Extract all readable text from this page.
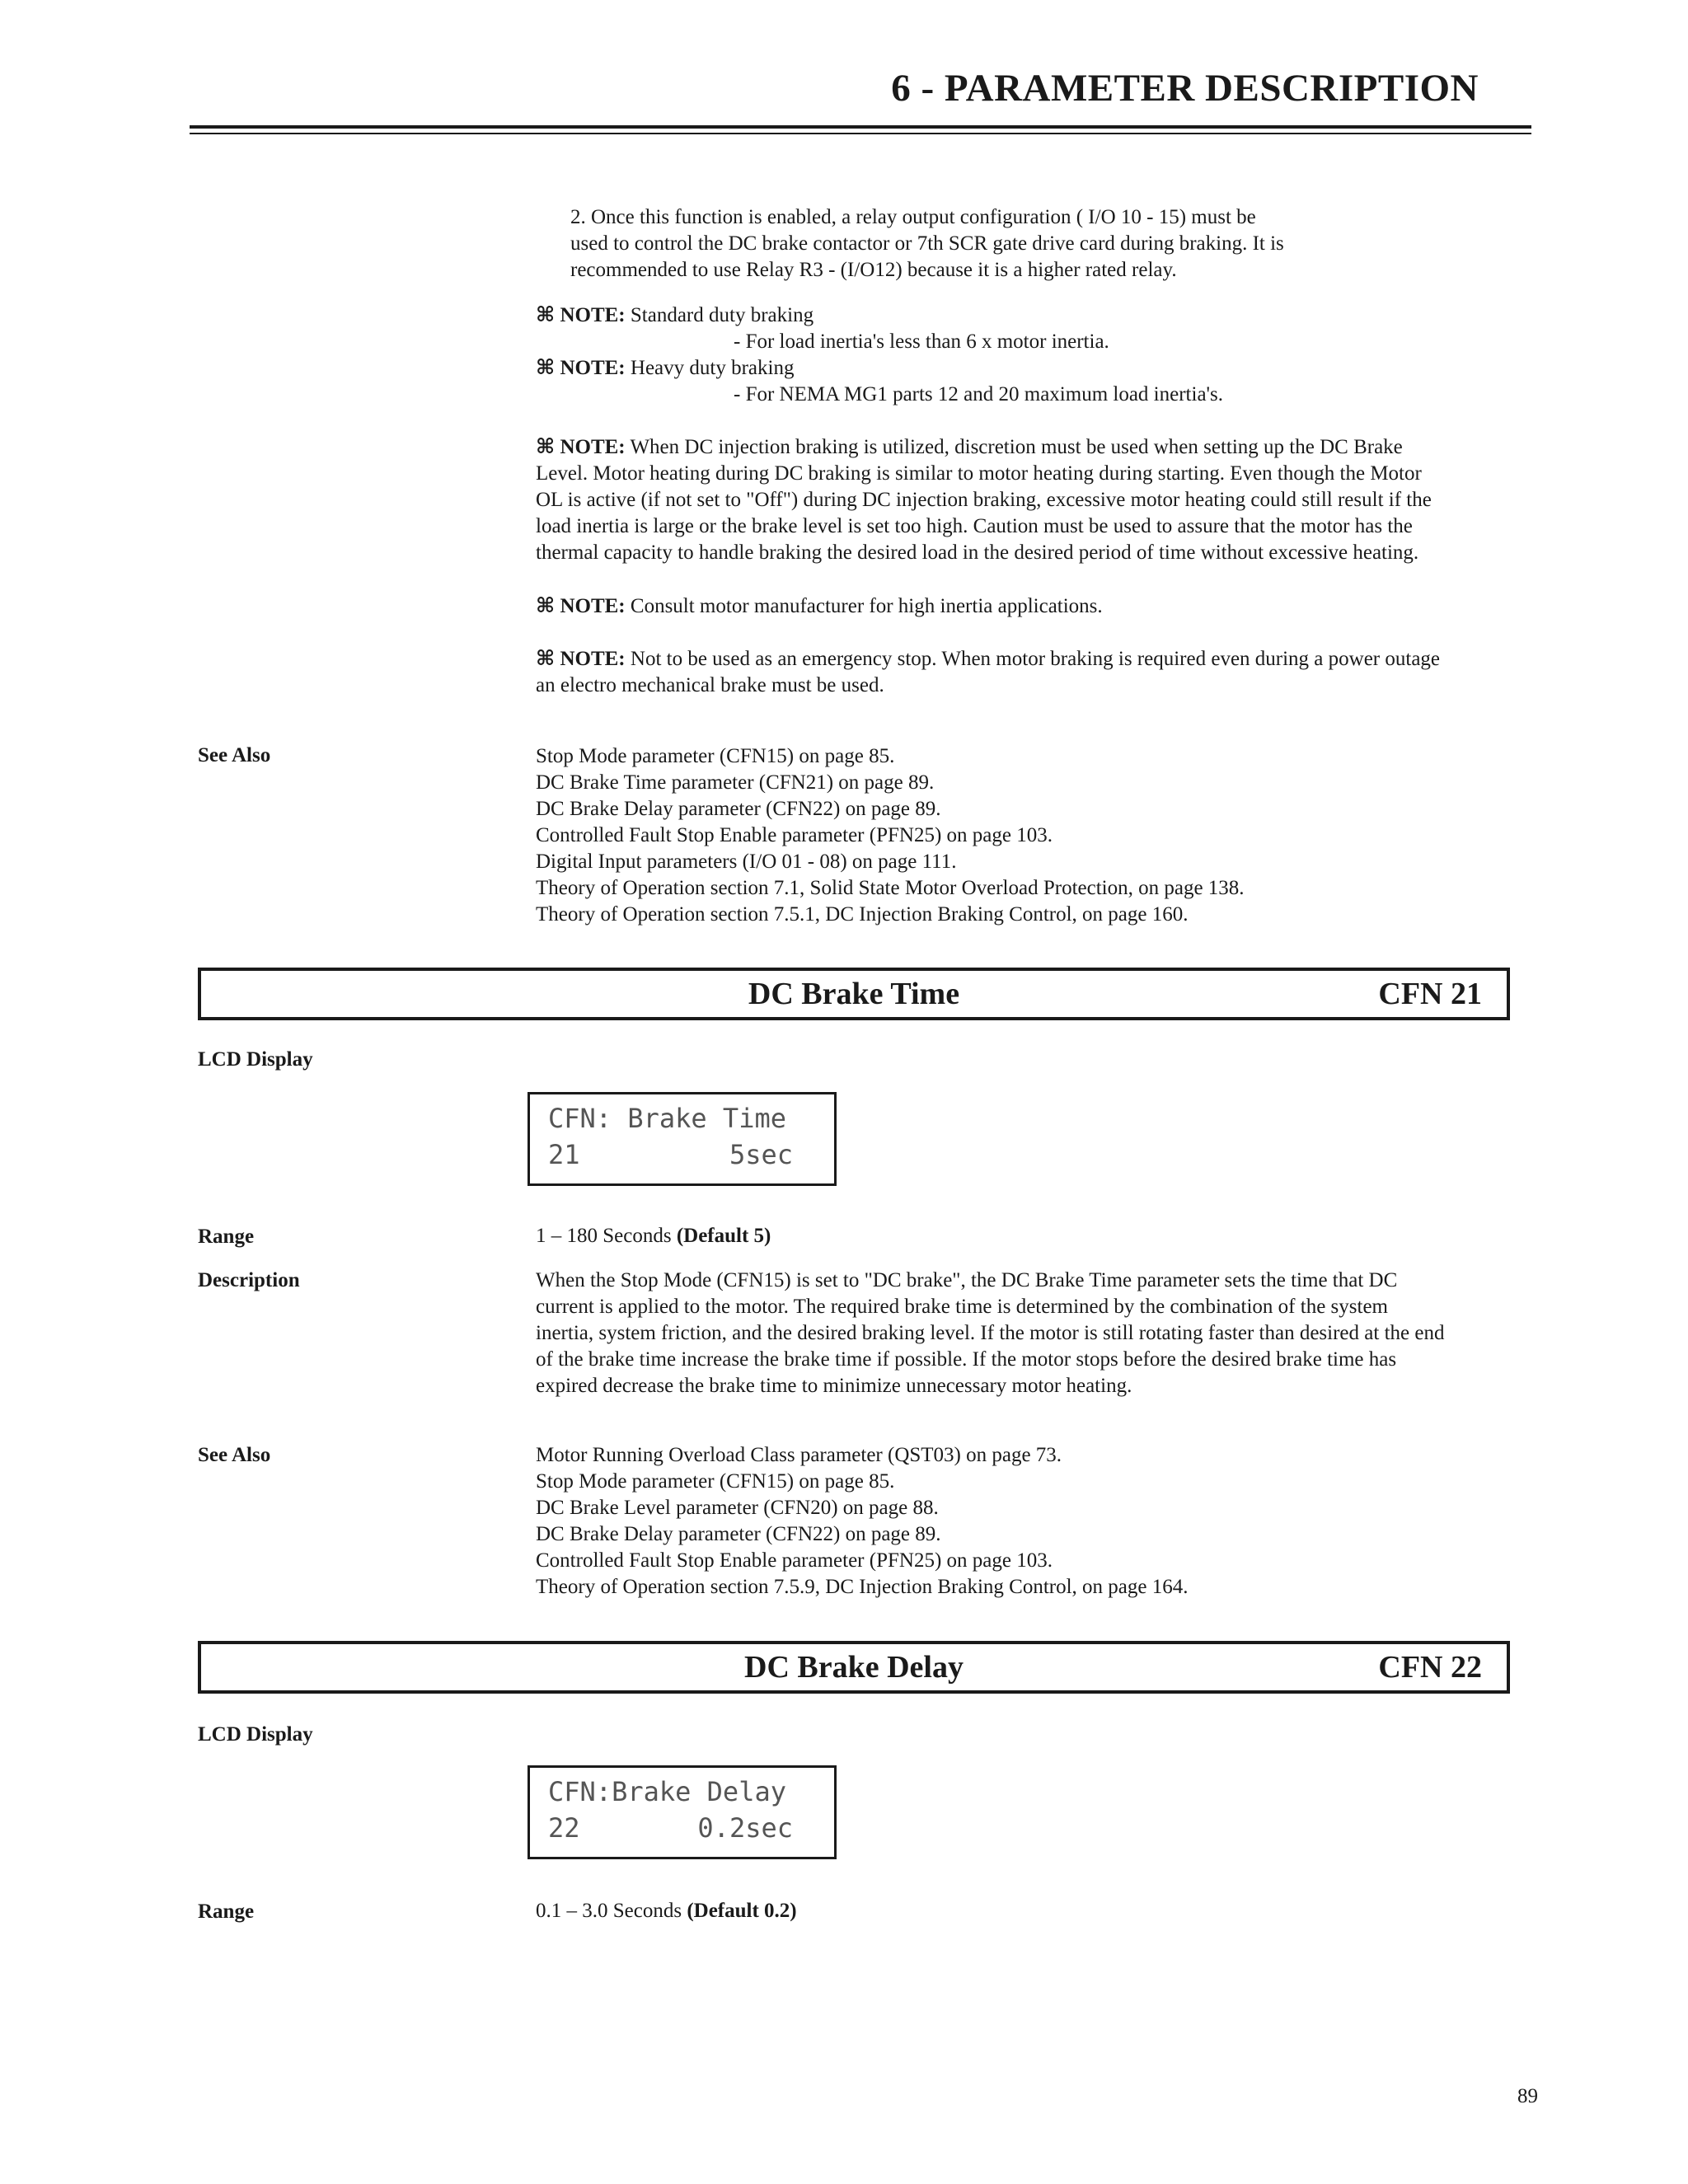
6 - PARAMETER DESCRIPTION
2. Once this function is enabled, a relay output configuration ( I/O 10 - 15) must be
used to control the DC brake contactor or 7th SCR gate drive card during braking. It is
recommended to use Relay R3 - (I/O12) because it is a higher rated relay.
⌘ NOTE: Standard duty braking
- For load inertia's less than 6 x motor inertia.
⌘ NOTE: Heavy duty braking
- For NEMA MG1 parts 12 and 20 maximum load inertia's.
⌘ NOTE: When DC injection braking is utilized, discretion must be used when setting up the DC Brake
Level. Motor heating during DC braking is similar to motor heating during starting. Even though the Motor
OL is active (if not set to "Off") during DC injection braking, excessive motor heating could still result if the
load inertia is large or the brake level is set too high. Caution must be used to assure that the motor has the
thermal capacity to handle braking the desired load in the desired period of time without excessive heating.
⌘ NOTE: Consult motor manufacturer for high inertia applications.
⌘ NOTE: Not to be used as an emergency stop. When motor braking is required even during a power outage
an electro mechanical brake must be used.

See Also	Stop Mode parameter (CFN15) on page 85.
DC Brake Time parameter (CFN21) on page 89.
DC Brake Delay parameter (CFN22) on page 89.
Controlled Fault Stop Enable parameter (PFN25) on page 103.
Digital Input parameters (I/O 01 - 08) on page 111.
Theory of Operation section 7.1, Solid State Motor Overload Protection, on page 138.
Theory of Operation section 7.5.1, DC Injection Braking Control, on page 160.
DC Brake Time	CFN 21

LCD Display

CFN: Brake Time
21	5sec

Range	1 – 180 Seconds (Default 5)

Description	When the Stop Mode (CFN15) is set to "DC brake", the DC Brake Time parameter sets the time that DC
current is applied to the motor. The required brake time is determined by the combination of the system
inertia, system friction, and the desired braking level. If the motor is still rotating faster than desired at the end
of the brake time increase the brake time if possible. If the motor stops before the desired brake time has
expired decrease the brake time to minimize unnecessary motor heating.

See Also	Motor Running Overload Class parameter (QST03) on page 73.
Stop Mode parameter (CFN15) on page 85.
DC Brake Level parameter (CFN20) on page 88.
DC Brake Delay parameter (CFN22) on page 89.
Controlled Fault Stop Enable parameter (PFN25) on page 103.
Theory of Operation section 7.5.9, DC Injection Braking Control, on page 164.
DC Brake Delay	CFN 22

LCD Display

CFN:Brake Delay
22	0.2sec

Range	0.1 – 3.0 Seconds (Default 0.2)

89
